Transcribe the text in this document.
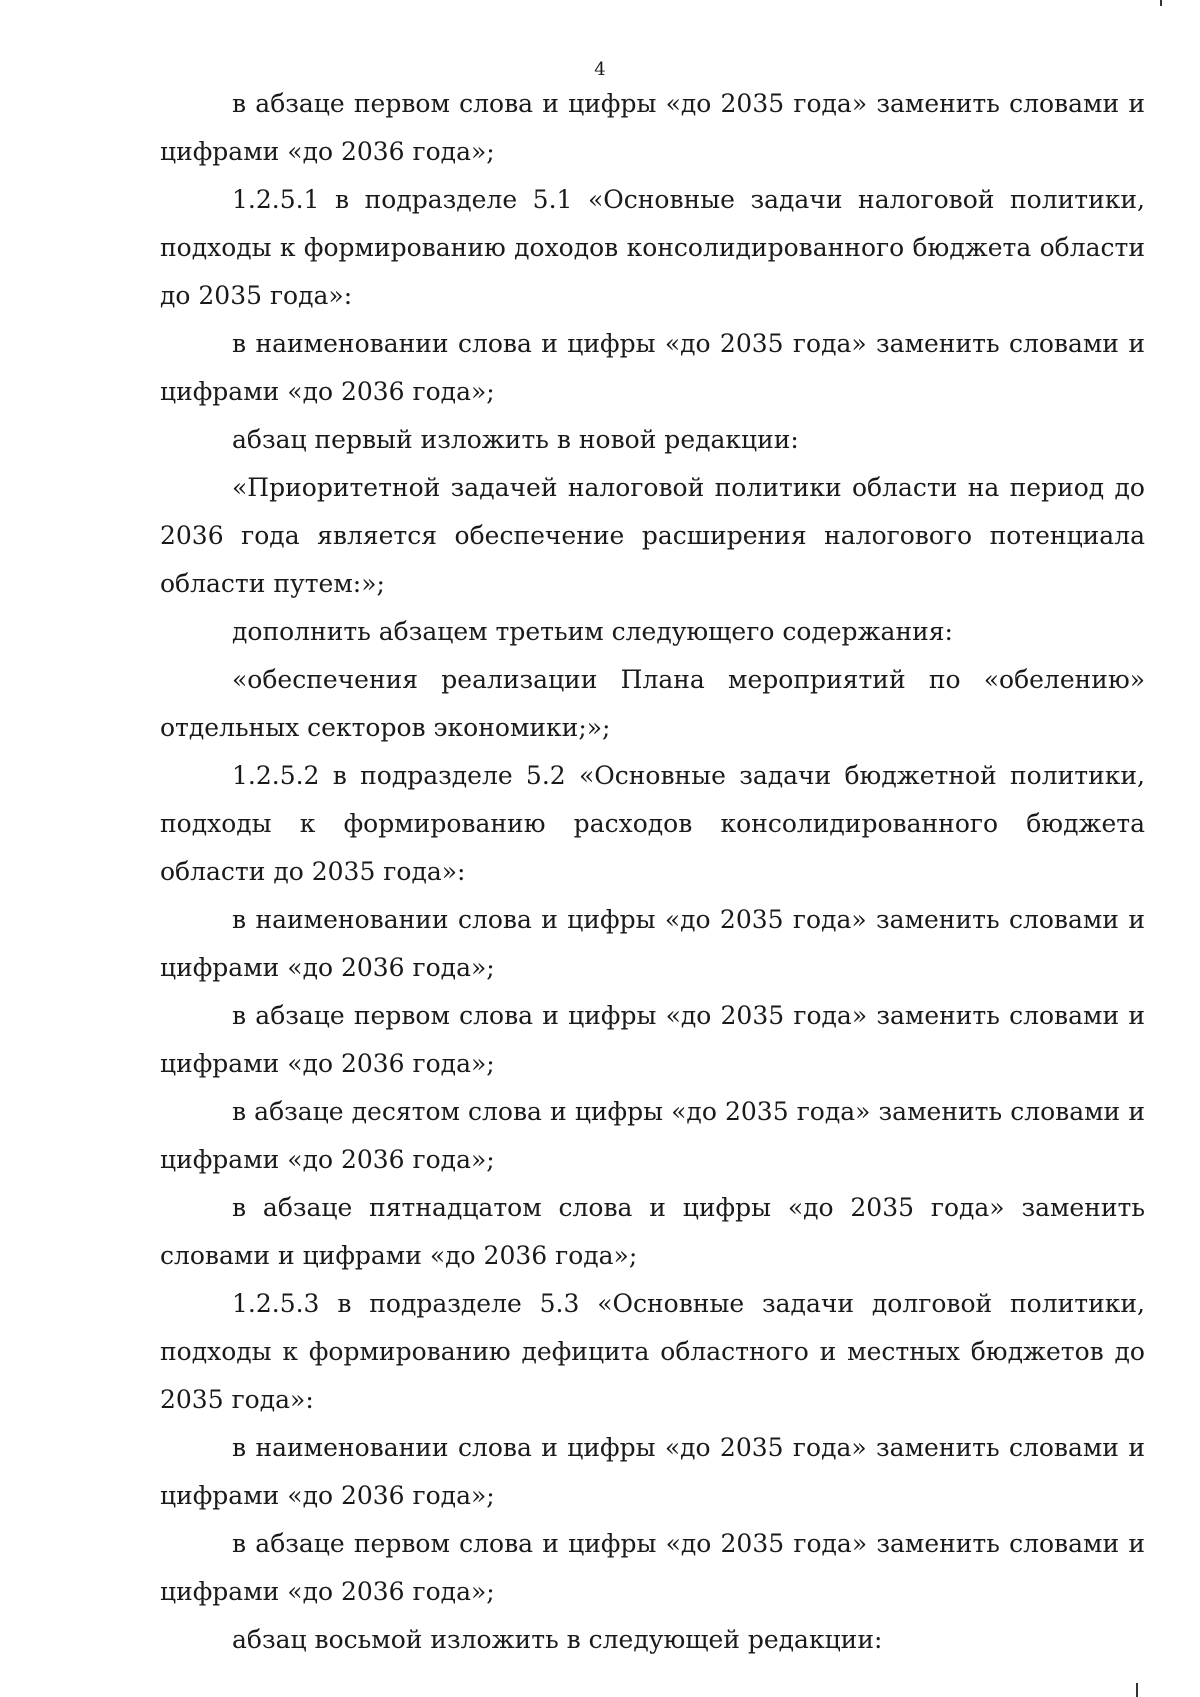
4

в абзаце первом слова и цифры «до 2035 года» заменить словами и цифрами «до 2036 года»;

1.2.5.1 в подразделе 5.1 «Основные задачи налоговой политики, подходы к формированию доходов консолидированного бюджета области до 2035 года»:

в наименовании слова и цифры «до 2035 года» заменить словами и цифрами «до 2036 года»;

абзац первый изложить в новой редакции:

«Приоритетной задачей налоговой политики области на период до 2036 года является обеспечение расширения налогового потенциала области путем:»;

дополнить абзацем третьим следующего содержания:

«обеспечения реализации Плана мероприятий по «обелению» отдельных секторов экономики;»;

1.2.5.2 в подразделе 5.2 «Основные задачи бюджетной политики, подходы к формированию расходов консолидированного бюджета области до 2035 года»:

в наименовании слова и цифры «до 2035 года» заменить словами и цифрами «до 2036 года»;

в абзаце первом слова и цифры «до 2035 года» заменить словами и цифрами «до 2036 года»;

в абзаце десятом слова и цифры «до 2035 года» заменить словами и цифрами «до 2036 года»;

в абзаце пятнадцатом слова и цифры «до 2035 года» заменить словами и цифрами «до 2036 года»;

1.2.5.3 в подразделе 5.3 «Основные задачи долговой политики, подходы к формированию дефицита областного и местных бюджетов до 2035 года»:

в наименовании слова и цифры «до 2035 года» заменить словами и цифрами «до 2036 года»;

в абзаце первом слова и цифры «до 2035 года» заменить словами и цифрами «до 2036 года»;

абзац восьмой изложить в следующей редакции:
